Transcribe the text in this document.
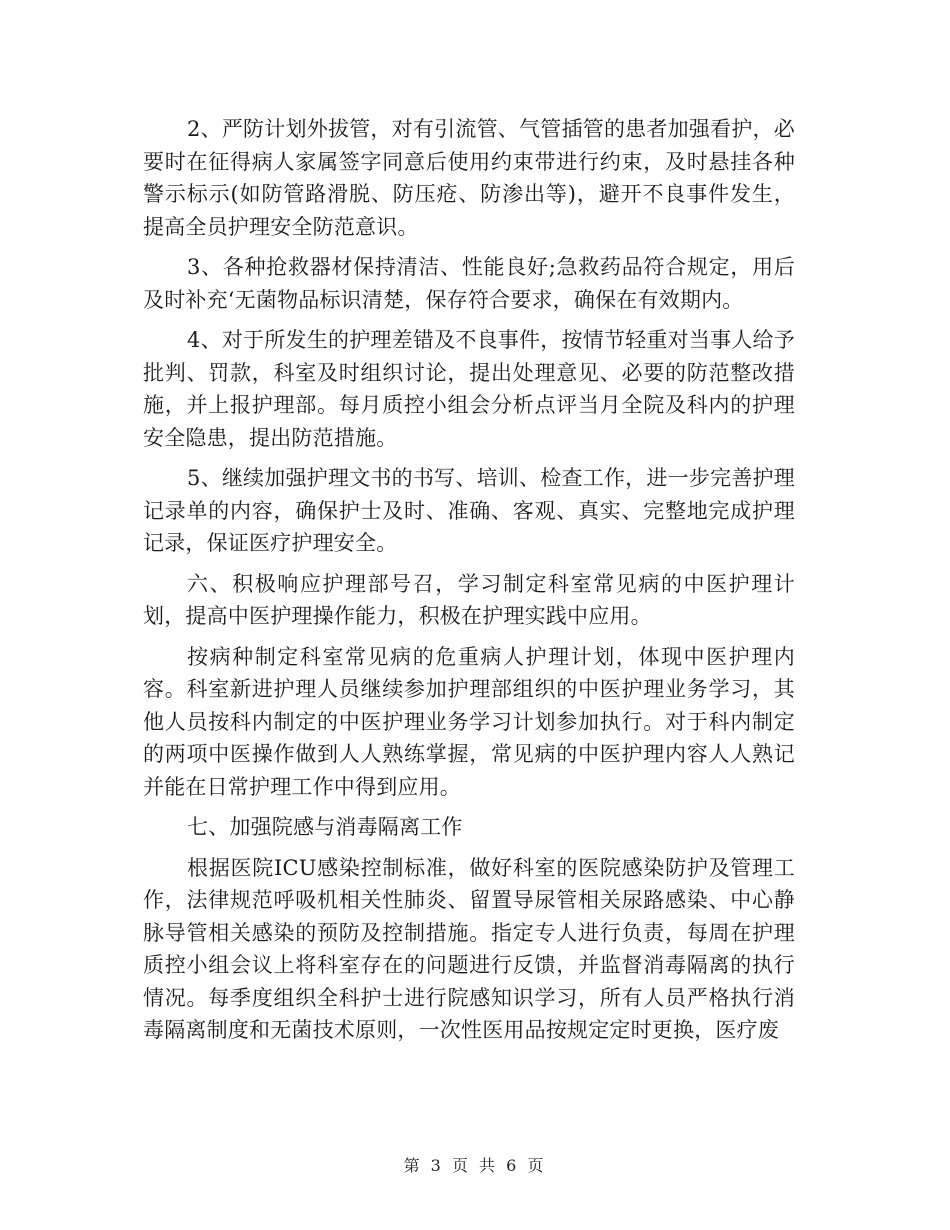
2、严防计划外拔管，对有引流管、气管插管的患者加强看护，必要时在征得病人家属签字同意后使用约束带进行约束，及时悬挂各种警示标示(如防管路滑脱、防压疮、防渗出等)，避开不良事件发生，提高全员护理安全防范意识。

3、各种抢救器材保持清洁、性能良好;急救药品符合规定，用后及时补充‘无菌物品标识清楚，保存符合要求，确保在有效期内。

4、对于所发生的护理差错及不良事件，按情节轻重对当事人给予批判、罚款，科室及时组织讨论，提出处理意见、必要的防范整改措施，并上报护理部。每月质控小组会分析点评当月全院及科内的护理安全隐患，提出防范措施。

5、继续加强护理文书的书写、培训、检查工作，进一步完善护理记录单的内容，确保护士及时、准确、客观、真实、完整地完成护理记录，保证医疗护理安全。

六、积极响应护理部号召，学习制定科室常见病的中医护理计划，提高中医护理操作能力，积极在护理实践中应用。

按病种制定科室常见病的危重病人护理计划，体现中医护理内容。科室新进护理人员继续参加护理部组织的中医护理业务学习，其他人员按科内制定的中医护理业务学习计划参加执行。对于科内制定的两项中医操作做到人人熟练掌握，常见病的中医护理内容人人熟记并能在日常护理工作中得到应用。

七、加强院感与消毒隔离工作

根据医院ICU感染控制标准，做好科室的医院感染防护及管理工作，法律规范呼吸机相关性肺炎、留置导尿管相关尿路感染、中心静脉导管相关感染的预防及控制措施。指定专人进行负责，每周在护理质控小组会议上将科室存在的问题进行反馈，并监督消毒隔离的执行情况。每季度组织全科护士进行院感知识学习，所有人员严格执行消毒隔离制度和无菌技术原则，一次性医用品按规定定时更换，医疗废

第 3 页 共 6 页
